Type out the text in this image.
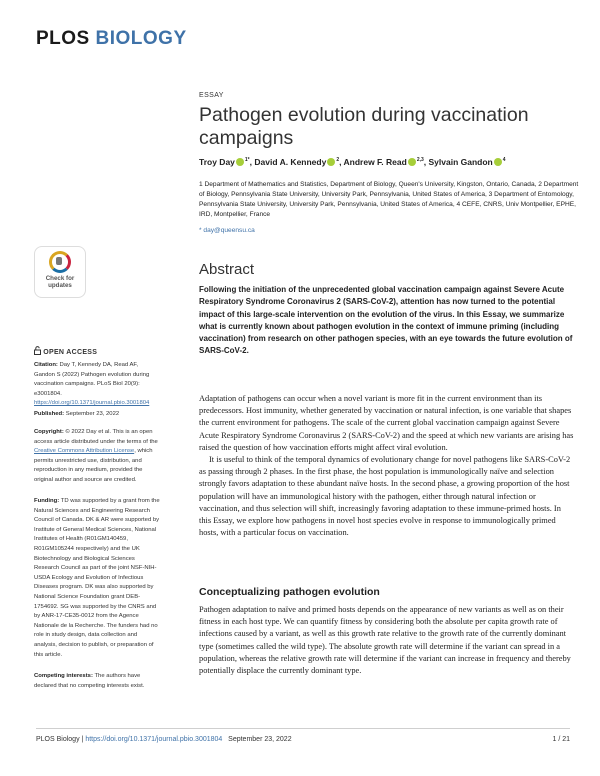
PLOS BIOLOGY
ESSAY
Pathogen evolution during vaccination campaigns
Troy Day $^{1*}$, David A. Kennedy $^2$, Andrew F. Read $^{2,3}$, Sylvain Gandon $^4$
1 Department of Mathematics and Statistics, Department of Biology, Queen's University, Kingston, Ontario, Canada, 2 Department of Biology, Pennsylvania State University, University Park, Pennsylvania, United States of America, 3 Department of Entomology, Pennsylvania State University, University Park, Pennsylvania, United States of America, 4 CEFE, CNRS, Univ Montpellier, EPHE, IRD, Montpellier, France
* day@queensu.ca
Abstract
Following the initiation of the unprecedented global vaccination campaign against Severe Acute Respiratory Syndrome Coronavirus 2 (SARS-CoV-2), attention has now turned to the potential impact of this large-scale intervention on the evolution of the virus. In this Essay, we summarize what is currently known about pathogen evolution in the context of immune priming (including vaccination) from research on other pathogen species, with an eye towards the future evolution of SARS-CoV-2.

Adaptation of pathogens can occur when a novel variant is more fit in the current environment than its predecessors. Host immunity, whether generated by vaccination or natural infection, is one variable that shapes the current environment for pathogens. The scale of the current global vaccination campaign against Severe Acute Respiratory Syndrome Coronavirus 2 (SARS-CoV-2) and the speed at which new variants are arising has raised the question of how vaccination efforts might affect viral evolution.

It is useful to think of the temporal dynamics of evolutionary change for novel pathogens like SARS-CoV-2 as passing through 2 phases. In the first phase, the host population is immunologically naïve and selection strongly favors adaptation to these abundant naïve hosts. In the second phase, a growing proportion of the host population will have an immunological history with the pathogen, either through natural infection or vaccination, and thus selection will shift, increasingly favoring adaptation to these immune-primed hosts. In this Essay, we explore how pathogens in novel host species evolve in response to immunologically primed hosts, with a particular focus on vaccination.

Conceptualizing pathogen evolution

Pathogen adaptation to naïve and primed hosts depends on the appearance of new variants as well as on their fitness in each host type. We can quantify fitness by considering both the absolute per capita growth rate of infections caused by a variant, as well as this growth rate relative to the growth rate of the currently dominant type (sometimes called the wild type). The absolute growth rate will determine if the variant can spread in a population, whereas the relative growth rate will determine if the variant can increase in frequency and thereby potentially displace the currently dominant type.

Check for
updates
OPEN ACCESS
Citation: Day T, Kennedy DA, Read AF, Gandon S (2022) Pathogen evolution during vaccination campaigns. PLoS Biol 20(9): e3001804. https://doi.org/10.1371/journal.pbio.3001804
Published: September 23, 2022
Copyright: © 2022 Day et al. This is an open access article distributed under the terms of the Creative Commons Attribution License, which permits unrestricted use, distribution, and reproduction in any medium, provided the original author and source are credited.
Funding: TD was supported by a grant from the Natural Sciences and Engineering Research Council of Canada. DK & AR were supported by Institute of General Medical Sciences, National Institutes of Health (R01GM140459, R01GM105244 respectively) and the UK Biotechnology and Biological Sciences Research Council as part of the joint NSF-NIH-USDA Ecology and Evolution of Infectious Diseases program. DK was also supported by National Science Foundation grant DEB-1754692. SG was supported by the CNRS and by ANR-17-CE35-0012 from the Agence Nationale de la Recherche. The funders had no role in study design, data collection and analysis, decision to publish, or preparation of this article.
Competing interests: The authors have declared that no competing interests exist.
PLOS Biology | https://doi.org/10.1371/journal.pbio.3001804 September 23, 2022	1 / 21
